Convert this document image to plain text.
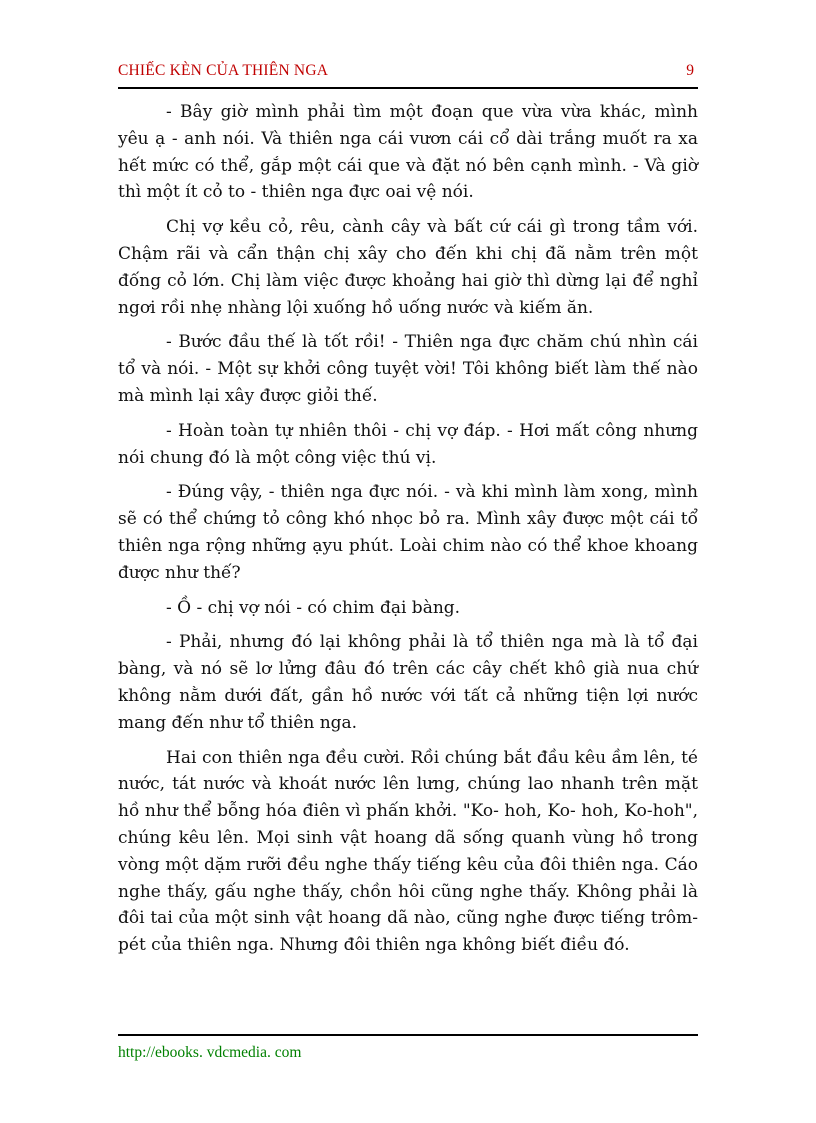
CHIẾC KÈN CỦA THIÊN NGA	9

- Bây giờ mình phải tìm một đoạn que vừa vừa khác, mình yêu ạ - anh nói. Và thiên nga cái vươn cái cổ dài trắng muốt ra xa hết mức có thể, gắp một cái que và đặt nó bên cạnh mình. - Và giờ thì một ít cỏ to - thiên nga đực oai vệ nói.

Chị vợ kều cỏ, rêu, cành cây và bất cứ cái gì trong tầm với. Chậm rãi và cẩn thận chị xây cho đến khi chị đã nằm trên một đống cỏ lớn. Chị làm việc được khoảng hai giờ thì dừng lại để nghỉ ngơi rồi nhẹ nhàng lội xuống hồ uống nước và kiếm ăn.

- Bước đầu thế là tốt rồi! - Thiên nga đực chăm chú nhìn cái tổ và nói. - Một sự khởi công tuyệt vời! Tôi không biết làm thế nào mà mình lại xây được giỏi thế.

- Hoàn toàn tự nhiên thôi - chị vợ đáp. - Hơi mất công nhưng nói chung đó là một công việc thú vị.

- Đúng vậy, - thiên nga đực nói. - và khi mình làm xong, mình sẽ có thể chứng tỏ công khó nhọc bỏ ra. Mình xây được một cái tổ thiên nga rộng những ạyu phút. Loài chim nào có thể khoe khoang được như thế?

- Ồ - chị vợ nói - có chim đại bàng.

- Phải, nhưng đó lại không phải là tổ thiên nga mà là tổ đại bàng, và nó sẽ lơ lửng đâu đó trên các cây chết khô già nua chứ không nằm dưới đất, gần hồ nước với tất cả những tiện lợi nước mang đến như tổ thiên nga.

Hai con thiên nga đều cười. Rồi chúng bắt đầu kêu ầm lên, té nước, tát nước và khoát nước lên lưng, chúng lao nhanh trên mặt hồ như thể bỗng hóa điên vì phấn khởi. "Ko- hoh, Ko- hoh, Ko-hoh", chúng kêu lên. Mọi sinh vật hoang dã sống quanh vùng hồ trong vòng một dặm rưỡi đều nghe thấy tiếng kêu của đôi thiên nga. Cáo nghe thấy, gấu nghe thấy, chồn hôi cũng nghe thấy. Không phải là đôi tai của một sinh vật hoang dã nào, cũng nghe được tiếng trôm-pét của thiên nga. Nhưng đôi thiên nga không biết điều đó.

http://ebooks. vdcmedia. com
